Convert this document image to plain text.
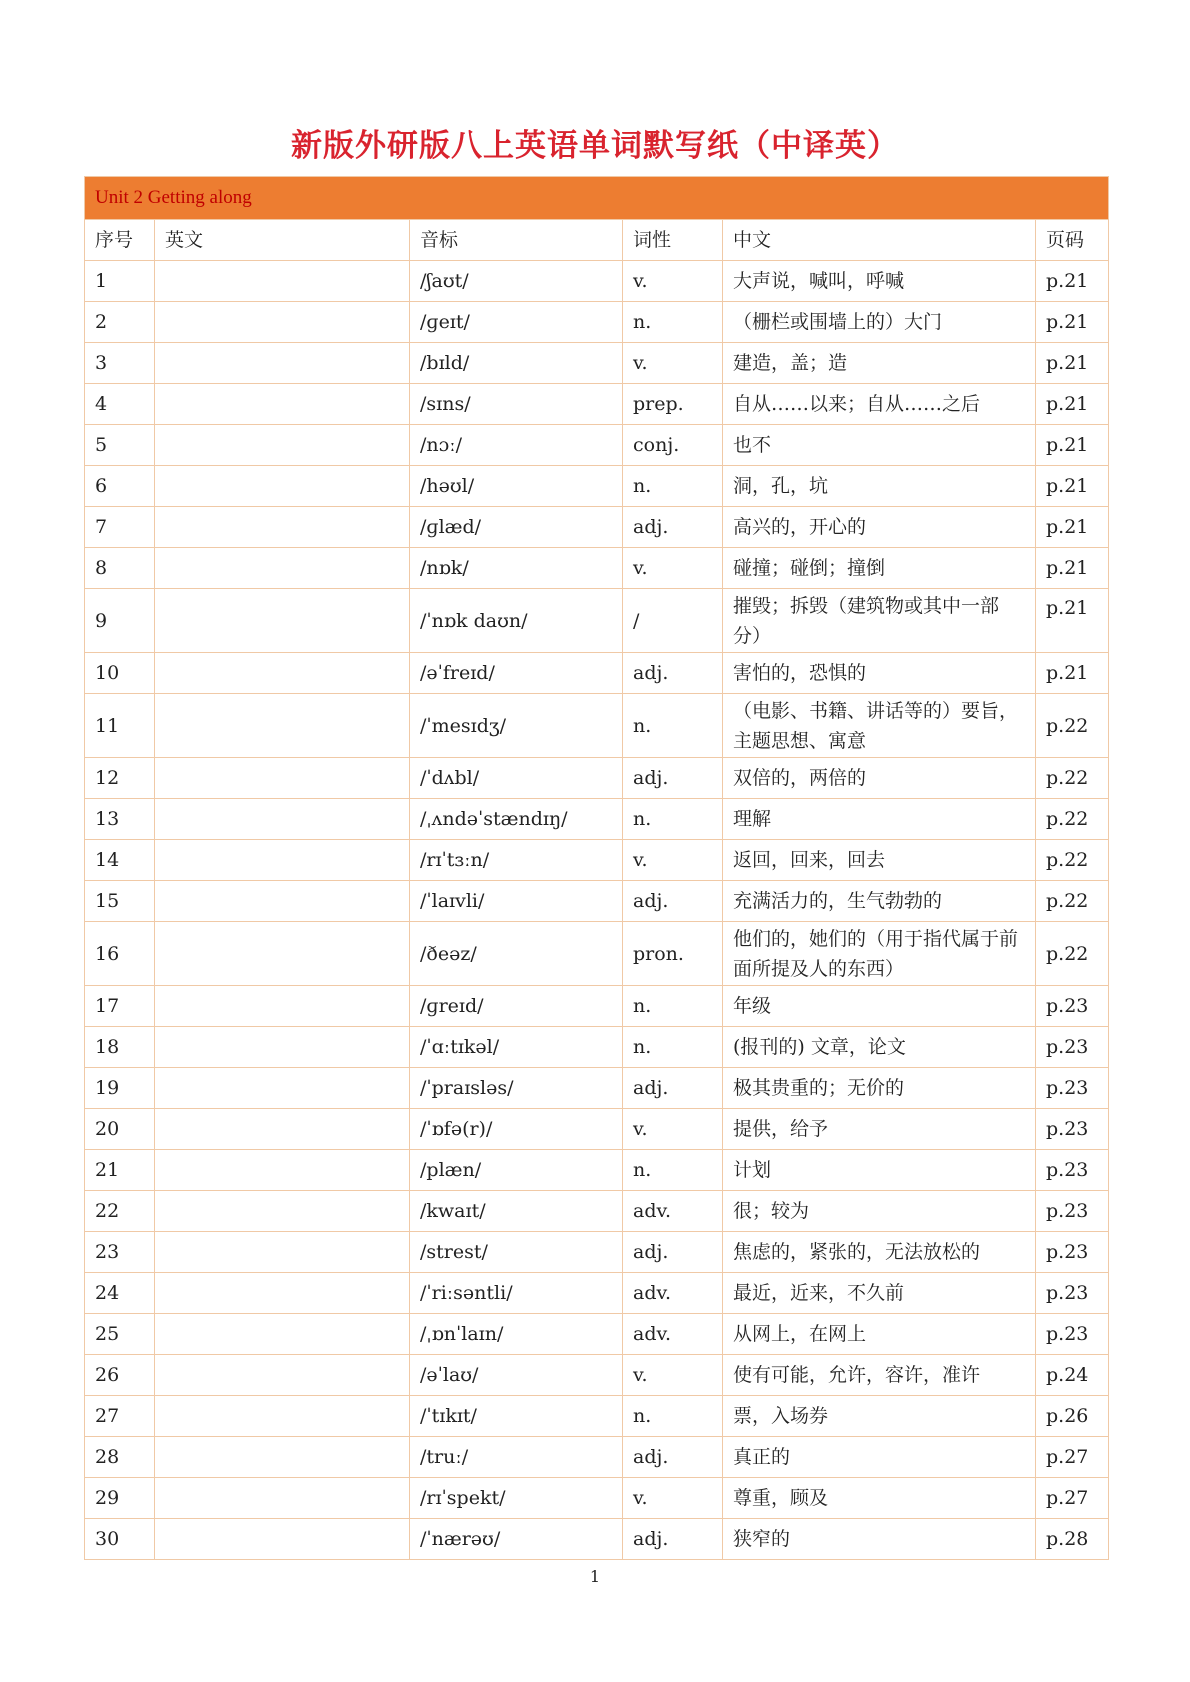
新版外研版八上英语单词默写纸（中译英）
Unit 2 Getting along					
序号	英文	音标	词性	中文	页码
1		/ʃaʊt/	v.	大声说，喊叫，呼喊	p.21
2		/ɡeɪt/	n.	（栅栏或围墙上的）大门	p.21
3		/bɪld/	v.	建造，盖；造	p.21
4		/sɪns/	prep.	自从……以来；自从……之后	p.21
5		/nɔː/	conj.	也不	p.21
6		/həʊl/	n.	洞，孔，坑	p.21
7		/ɡlæd/	adj.	高兴的，开心的	p.21
8		/nɒk/	v.	碰撞；碰倒；撞倒	p.21
9		/ˈnɒk daʊn/	/	摧毁；拆毁（建筑物或其中一部分）	p.21
10		/əˈfreɪd/	adj.	害怕的，恐惧的	p.21
11		/ˈmesɪdʒ/	n.	（电影、书籍、讲话等的）要旨，主题思想、寓意	p.22
12		/ˈdʌbl/	adj.	双倍的，两倍的	p.22
13		/ˌʌndəˈstændɪŋ/	n.	理解	p.22
14		/rɪˈtɜːn/	v.	返回，回来，回去	p.22
15		/ˈlaɪvli/	adj.	充满活力的，生气勃勃的	p.22
16		/ðeəz/	pron.	他们的，她们的（用于指代属于前面所提及人的东西）	p.22
17		/ɡreɪd/	n.	年级	p.23
18		/ˈɑːtɪkəl/	n.	(报刊的) 文章，论文	p.23
19		/ˈpraɪsləs/	adj.	极其贵重的；无价的	p.23
20		/ˈɒfə(r)/	v.	提供，给予	p.23
21		/plæn/	n.	计划	p.23
22		/kwaɪt/	adv.	很；较为	p.23
23		/strest/	adj.	焦虑的，紧张的，无法放松的	p.23
24		/ˈriːsəntli/	adv.	最近，近来，不久前	p.23
25		/ˌɒnˈlaɪn/	adv.	从网上，在网上	p.23
26		/əˈlaʊ/	v.	使有可能，允许，容许，准许	p.24
27		/ˈtɪkɪt/	n.	票，入场券	p.26
28		/truː/	adj.	真正的	p.27
29		/rɪˈspekt/	v.	尊重，顾及	p.27
30		/ˈnærəʊ/	adj.	狭窄的	p.28
1
